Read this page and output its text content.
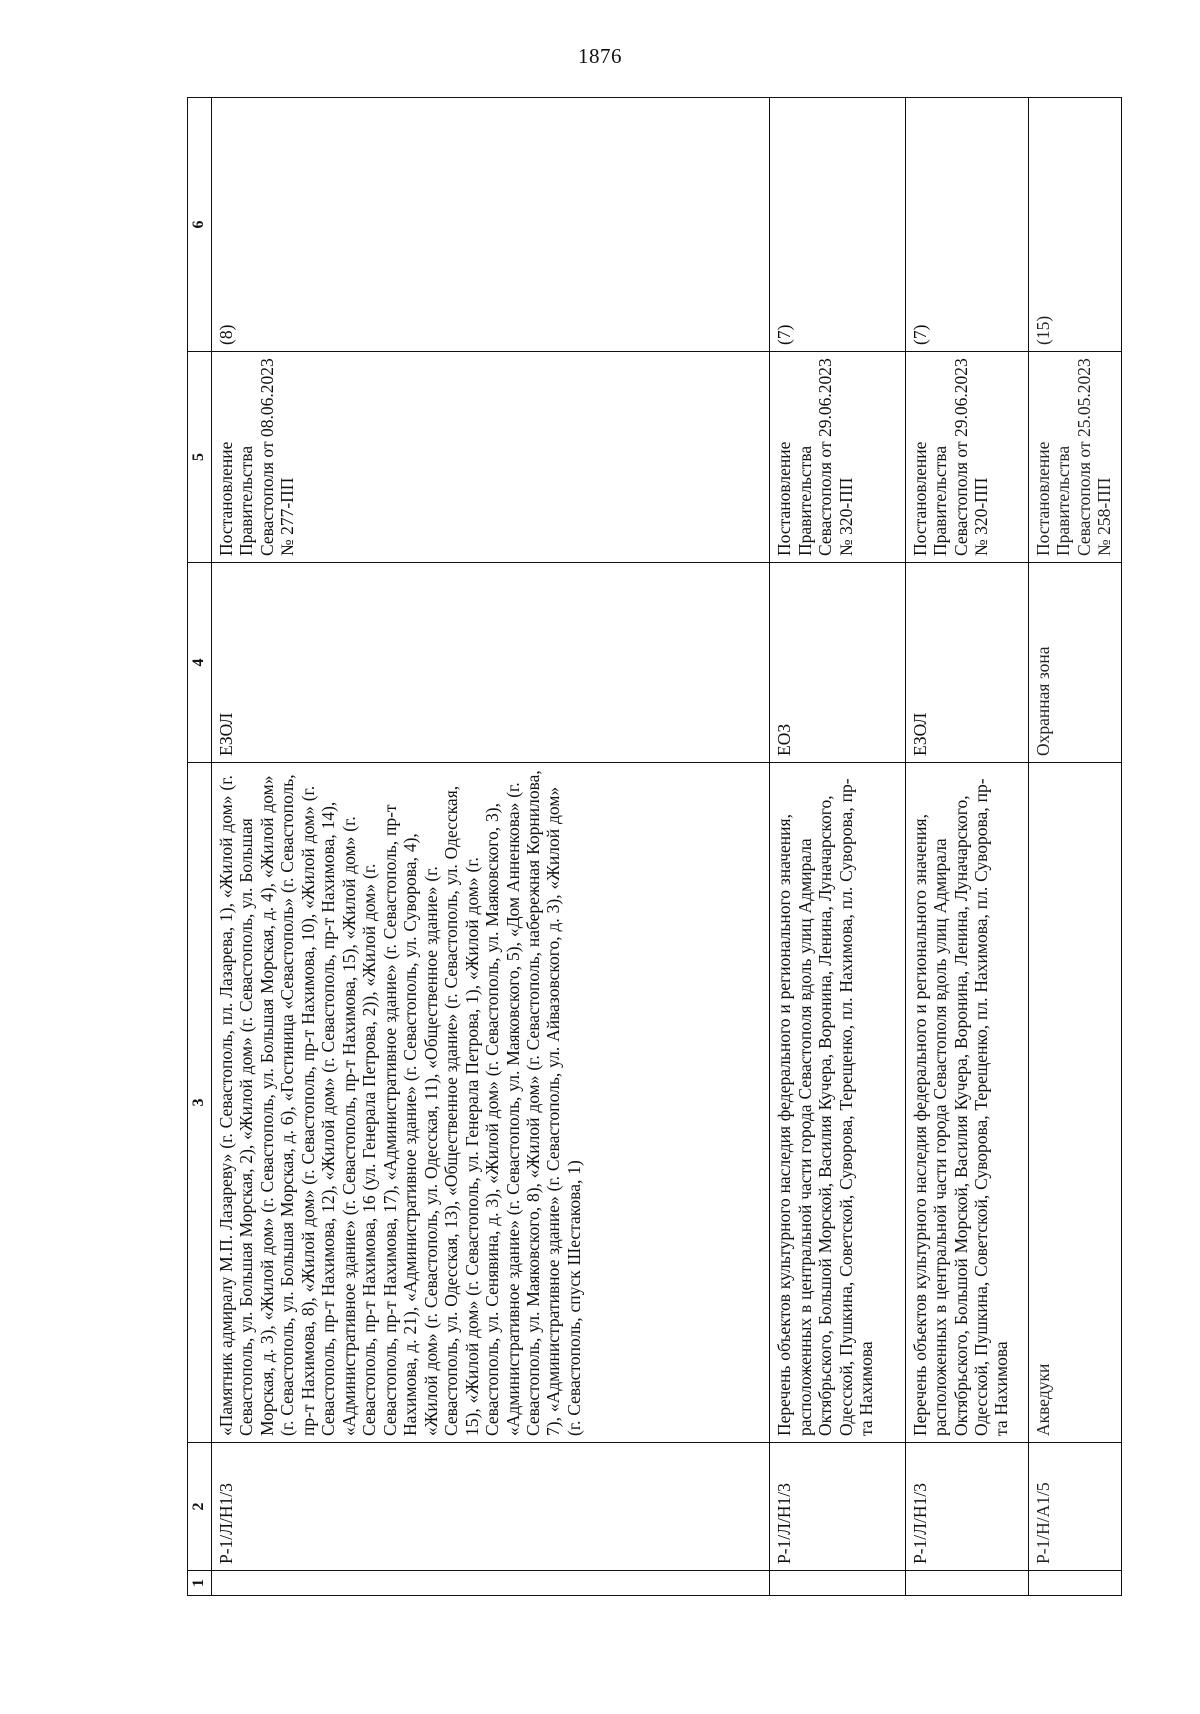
1876
1	2	3	4	5	6
	Р-1/Л/Н1/3	«Памятник адмиралу М.П. Лазареву» (г. Севастополь, пл. Лазарева, 1), «Жилой дом» (г. Севастополь, ул. Большая Морская, 2), «Жилой дом» (г. Севастополь, ул. Большая Морская, д. 3), «Жилой дом» (г. Севастополь, ул. Большая Морская, д. 4), «Жилой дом» (г. Севастополь, ул. Большая Морская, д. 6), «Гостиница «Севастополь» (г. Севастополь, пр-т Нахимова, 8), «Жилой дом» (г. Севастополь, пр-т Нахимова, 10), «Жилой дом» (г. Севастополь, пр-т Нахимова, 12), «Жилой дом» (г. Севастополь, пр-т Нахимова, 14), «Административное здание» (г. Севастополь, пр-т Нахимова, 15), «Жилой дом» (г. Севастополь, пр-т Нахимова, 16 (ул. Генерала Петрова, 2)), «Жилой дом» (г. Севастополь, пр-т Нахимова, 17), «Административное здание» (г. Севастополь, пр-т Нахимова, д. 21), «Административное здание» (г. Севастополь, ул. Суворова, 4), «Жилой дом» (г. Севастополь, ул. Одесская, 11), «Общественное здание» (г. Севастополь, ул. Одесская, 13), «Общественное здание» (г. Севастополь, ул. Одесская, 15), «Жилой дом» (г. Севастополь, ул. Генерала Петрова, 1), «Жилой дом» (г. Севастополь, ул. Сенявина, д. 3), «Жилой дом» (г. Севастополь, ул. Маяковского, 3), «Административное здание» (г. Севастополь, ул. Маяковского, 5), «Дом Анненкова» (г. Севастополь, ул. Маяковского, 8), «Жилой дом» (г. Севастополь, набережная Корнилова, 7), «Административное здание» (г. Севастополь, ул. Айвазовского, д. 3), «Жилой дом» (г. Севастополь, спуск Шестакова, 1)	ЕЗОЛ	Постановление Правительства Севастополя от 08.06.2023 № 277-ПП	(8)
	Р-1/Л/Н1/3	Перечень объектов культурного наследия федерального и регионального значения, расположенных в центральной части города Севастополя вдоль улиц Адмирала Октябрьского, Большой Морской, Василия Кучера, Воронина, Ленина, Луначарского, Одесской, Пушкина, Советской, Суворова, Терещенко, пл. Нахимова, пл. Суворова, пр-та Нахимова	ЕОЗ	Постановление Правительства Севастополя от 29.06.2023 № 320-ПП	(7)
	Р-1/Л/Н1/3	Перечень объектов культурного наследия федерального и регионального значения, расположенных в центральной части города Севастополя вдоль улиц Адмирала Октябрьского, Большой Морской, Василия Кучера, Воронина, Ленина, Луначарского, Одесской, Пушкина, Советской, Суворова, Терещенко, пл. Нахимова, пл. Суворова, пр-та Нахимова	ЕЗОЛ	Постановление Правительства Севастополя от 29.06.2023 № 320-ПП	(7)
	Р-1/Н/А1/5	Акведуки	Охранная зона	Постановление Правительства Севастополя от 25.05.2023 № 258-ПП	(15)
